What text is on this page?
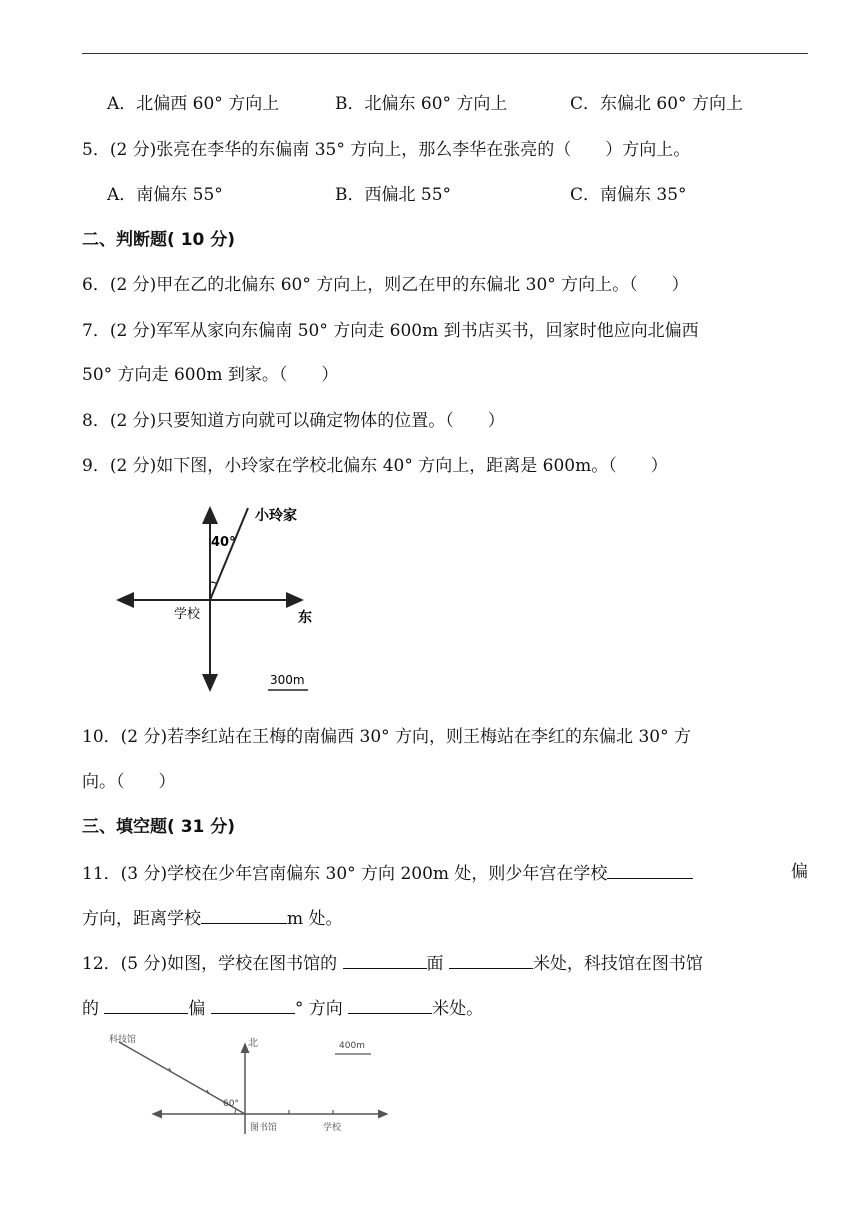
A．北偏西 60° 方向上	B．北偏东 60° 方向上	C．东偏北 60° 方向上
5．(2 分)张亮在李华的东偏南 35° 方向上，那么李华在张亮的（　　）方向上。
A．南偏东 55°	B．西偏北 55°	C．南偏东 35°
二、判断题( 10 分)
6．(2 分)甲在乙的北偏东 60° 方向上，则乙在甲的东偏北 30° 方向上。（　　）
7．(2 分)军军从家向东偏南 50° 方向走 600m 到书店买书，回家时他应向北偏西
50° 方向走 600m 到家。（　　）
8．(2 分)只要知道方向就可以确定物体的位置。（　　）
9．(2 分)如下图，小玲家在学校北偏东 40° 方向上，距离是 600m。（　　）
小玲家
40°
学校	东
300m
10．(2 分)若李红站在王梅的南偏西 30° 方向，则王梅站在李红的东偏北 30° 方
向。（　　）
三、填空题( 31 分)
11．(3 分)学校在少年宫南偏东 30° 方向 200m 处，则少年宫在学校	偏
方向，距离学校	m 处。
12．(5 分)如图，学校在图书馆的	面	米处，科技馆在图书馆
的	偏	° 方向	米处。
科技馆	北	400m
60°
图书馆	学校
